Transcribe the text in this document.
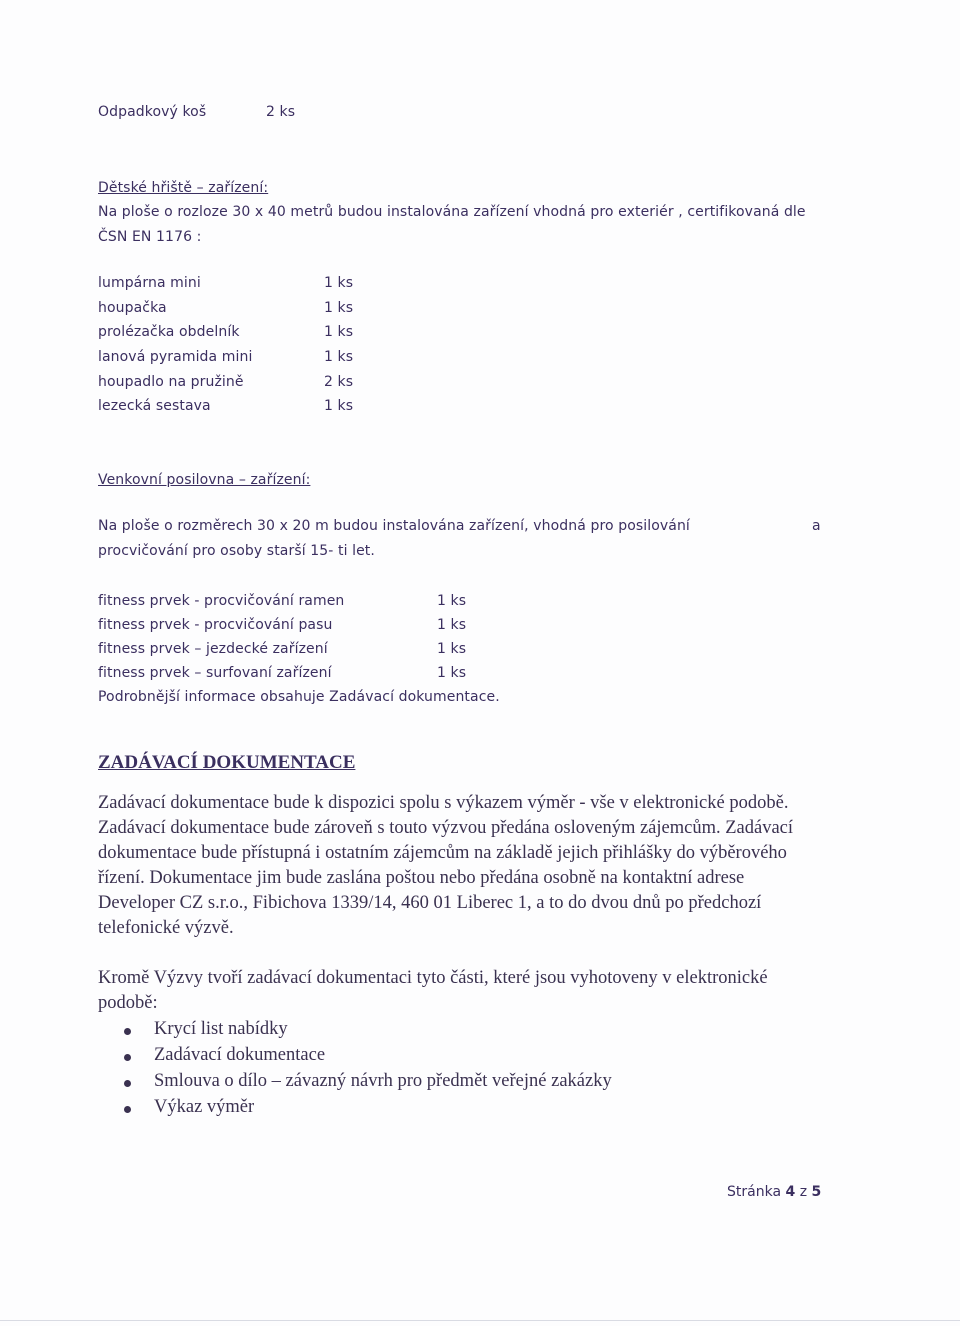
Odpadkový koš	2 ks
Dětské hřiště – zařízení:
Na ploše o rozloze 30 x 40 metrů budou instalována zařízení vhodná pro exteriér , certifikovaná dle
ČSN EN 1176 :
lumpárna mini	1 ks
houpačka	1 ks
prolézačka obdelník	1 ks
lanová pyramida mini	1 ks
houpadlo na pružině	2 ks
lezecká sestava	1 ks
Venkovní posilovna – zařízení:
Na ploše o rozměrech 30 x 20 m budou instalována zařízení, vhodná pro posilování	a
procvičování pro osoby starší 15- ti let.
fitness prvek - procvičování ramen	1 ks
fitness prvek - procvičování pasu	1 ks
fitness prvek – jezdecké zařízení	1 ks
fitness prvek – surfovaní zařízení	1 ks
Podrobnější informace obsahuje Zadávací dokumentace.
ZADÁVACÍ DOKUMENTACE
Zadávací dokumentace bude k dispozici spolu s výkazem výměr - vše v elektronické podobě.
Zadávací dokumentace bude zároveň s touto výzvou předána osloveným zájemcům. Zadávací
dokumentace bude přístupná i ostatním zájemcům na základě jejich přihlášky do výběrového
řízení. Dokumentace jim bude zaslána poštou nebo předána osobně na kontaktní adrese
Developer CZ s.r.o., Fibichova 1339/14, 460 01 Liberec 1, a to do dvou dnů po předchozí
telefonické výzvě.
Kromě Výzvy tvoří zadávací dokumentaci tyto části, které jsou vyhotoveny v elektronické
podobě:
Krycí list nabídky
Zadávací dokumentace
Smlouva o dílo – závazný návrh pro předmět veřejné zakázky
Výkaz výměr
Stránka 4 z 5
